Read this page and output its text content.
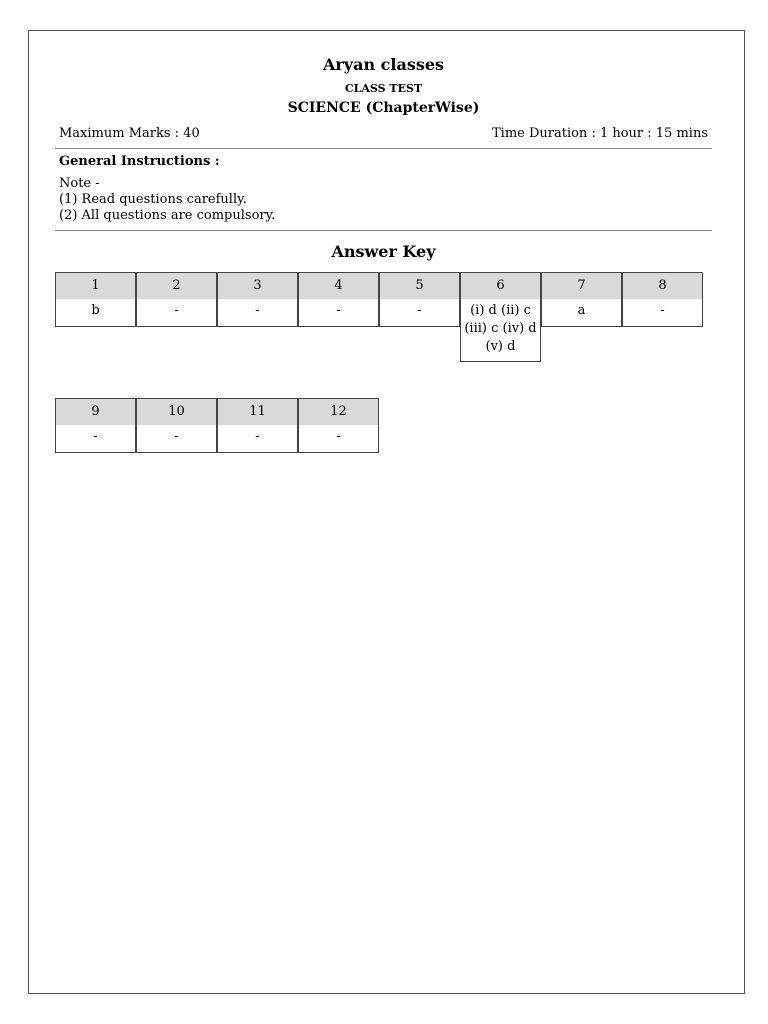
Aryan classes
CLASS TEST
SCIENCE (ChapterWise)
Maximum Marks : 40	Time Duration : 1 hour : 15 mins
General Instructions :
Note -
(1) Read questions carefully.
(2) All questions are compulsory.
Answer Key
1
b
2
-
3
-
4
-
5
-
6
(i) d (ii) c (iii) c (iv) d (v) d
7
a
8
-
9
-
10
-
11
-
12
-
